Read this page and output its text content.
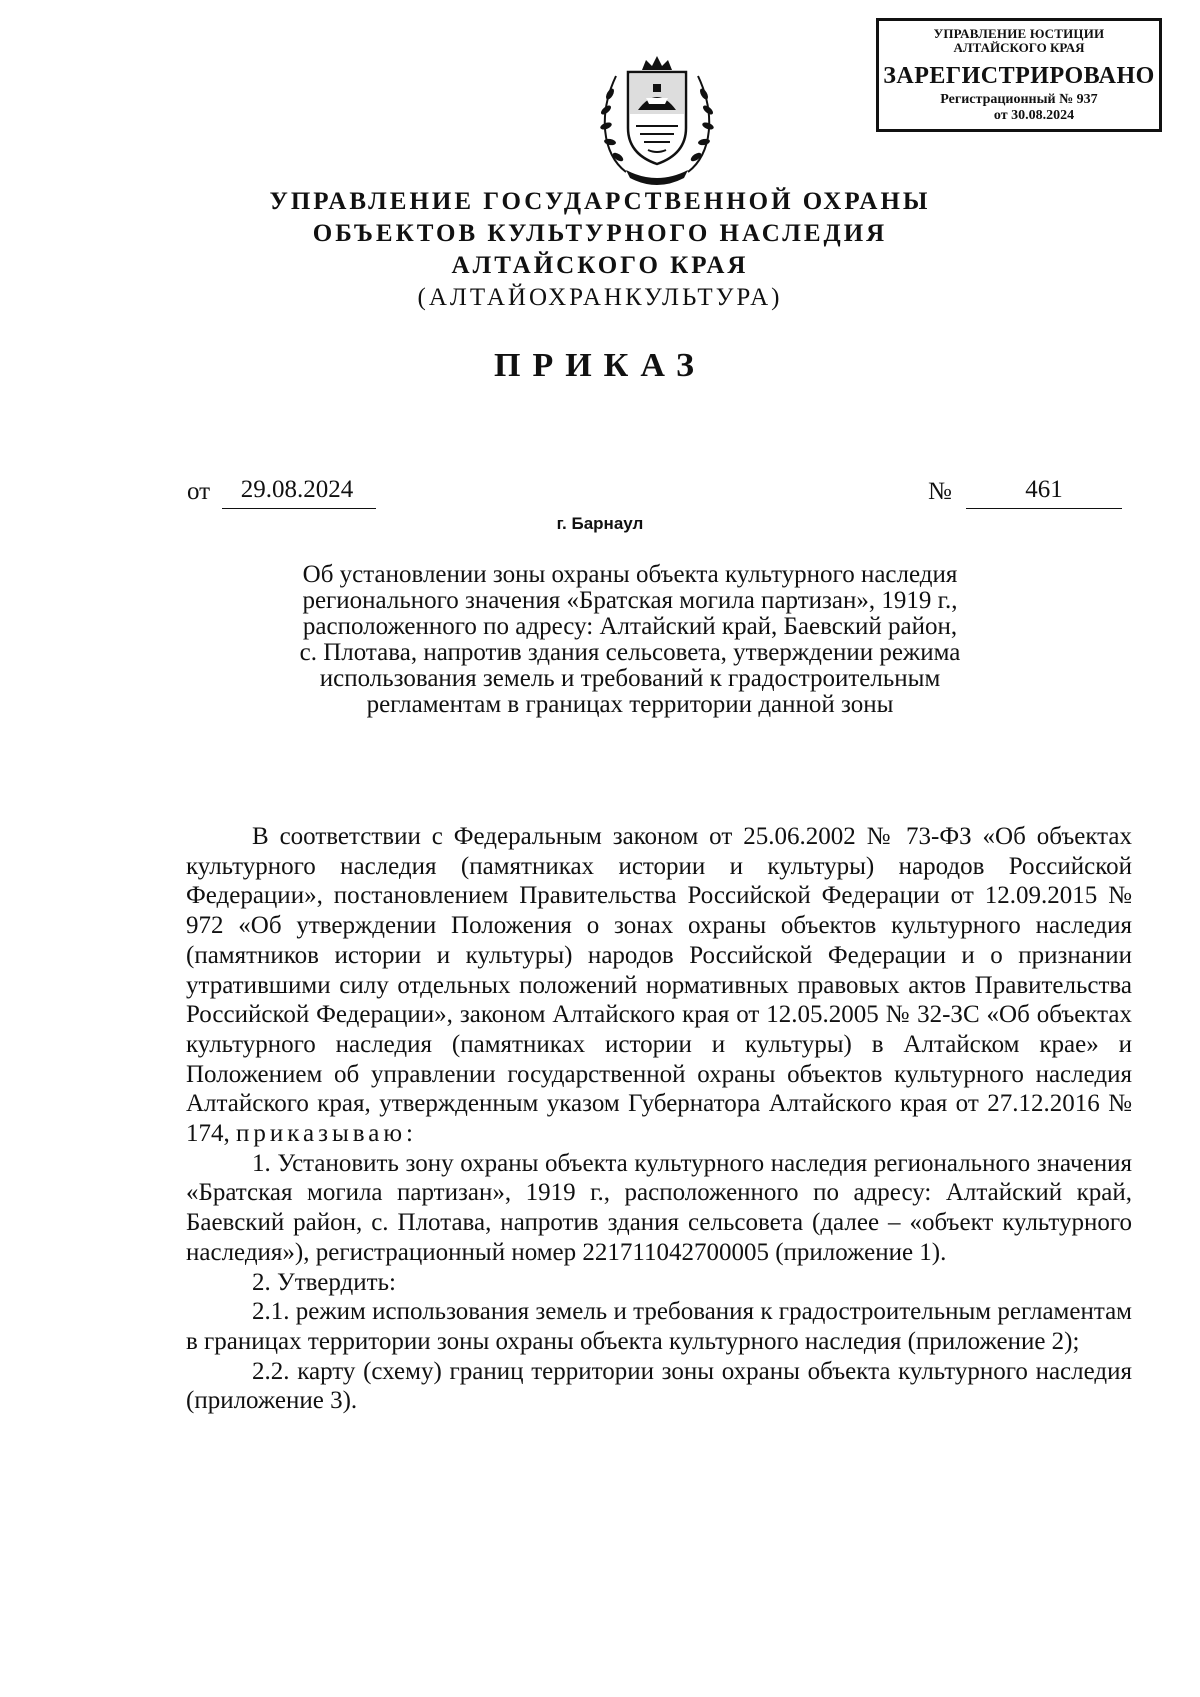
УПРАВЛЕНИЕ ЮСТИЦИИ
АЛТАЙСКОГО КРАЯ
ЗАРЕГИСТРИРОВАНО
Регистрационный № 937
от 30.08.2024
УПРАВЛЕНИЕ ГОСУДАРСТВЕННОЙ ОХРАНЫ
ОБЪЕКТОВ КУЛЬТУРНОГО НАСЛЕДИЯ
АЛТАЙСКОГО КРАЯ
(АЛТАЙОХРАНКУЛЬТУРА)
ПРИКАЗ
от	29.08.2024	№	461
г. Барнаул
Об установлении зоны охраны объекта культурного наследия
регионального значения «Братская могила партизан», 1919 г.,
расположенного по адресу: Алтайский край, Баевский район,
с. Плотава, напротив здания сельсовета, утверждении режима
использования земель и требований к градостроительным
регламентам в границах территории данной зоны

В соответствии с Федеральным законом от 25.06.2002 № 73-ФЗ «Об объектах культурного наследия (памятниках истории и культуры) народов Российской Федерации», постановлением Правительства Российской Федерации от 12.09.2015 № 972 «Об утверждении Положения о зонах охраны объектов культурного наследия (памятников истории и культуры) народов Российской Федерации и о признании утратившими силу отдельных положений нормативных правовых актов Правительства Российской Федерации», законом Алтайского края от 12.05.2005 № 32-ЗС «Об объектах культурного наследия (памятниках истории и культуры) в Алтайском крае» и Положением об управлении государственной охраны объектов культурного наследия Алтайского края, утвержденным указом Губернатора Алтайского края от 27.12.2016 № 174, приказываю:

1. Установить зону охраны объекта культурного наследия регионального значения «Братская могила партизан», 1919 г., расположенного по адресу: Алтайский край, Баевский район, с. Плотава, напротив здания сельсовета (далее – «объект культурного наследия»), регистрационный номер 221711042700005 (приложение 1).

2. Утвердить:

2.1. режим использования земель и требования к градостроительным регламентам в границах территории зоны охраны объекта культурного наследия (приложение 2);

2.2. карту (схему) границ территории зоны охраны объекта культурного наследия (приложение 3).
